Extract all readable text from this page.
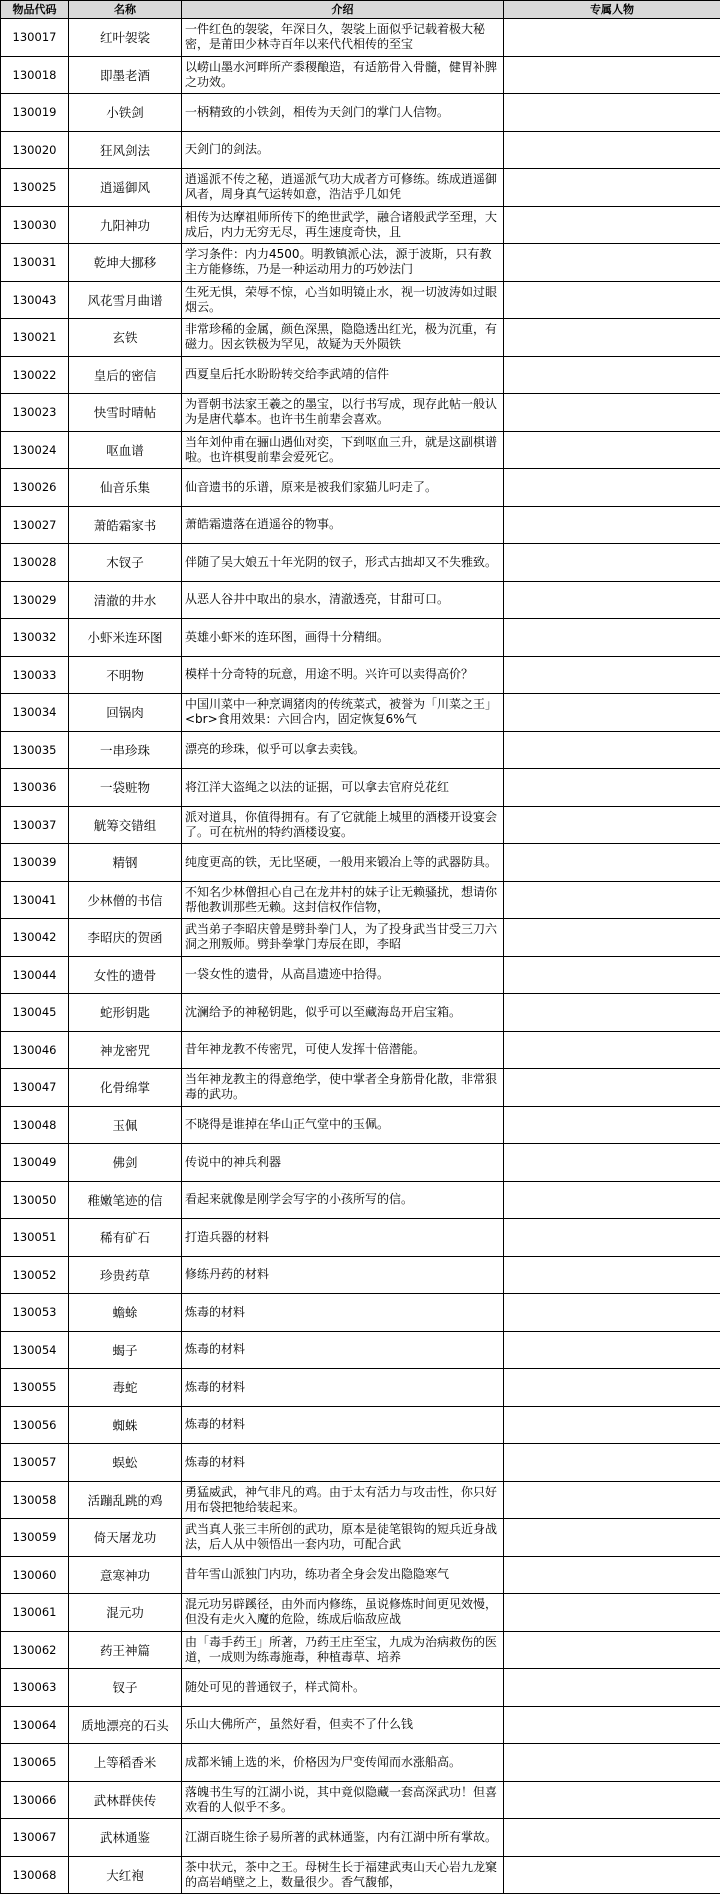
物品代码	名称	介绍	专属人物
130017	红叶袈裟	一件红色的袈裟，年深日久，袈裟上面似乎记载着极大秘密，是莆田少林寺百年以来代代相传的至宝	

130018	即墨老酒	以崂山墨水河畔所产黍稷酿造，有适筋骨入骨髓，健胃补脾之功效。	

130019	小铁剑	一柄精致的小铁剑，相传为天剑门的掌门人信物。	

130020	狂风剑法	天剑门的剑法。	

130025	逍遥御风	逍遥派不传之秘，逍遥派气功大成者方可修练。练成逍遥御风者，周身真气运转如意，浩洁乎几如凭	

130030	九阳神功	相传为达摩祖师所传下的绝世武学，融合诸般武学至理，大成后，内力无穷无尽，再生速度奇快，且	

130031	乾坤大挪移	学习条件：内力4500。明教镇派心法，源于波斯，只有教主方能修练，乃是一种运动用力的巧妙法门	

130043	风花雪月曲谱	生死无惧，荣辱不惊，心当如明镜止水，视一切波涛如过眼烟云。	

130021	玄铁	非常珍稀的金属，颜色深黑，隐隐透出红光，极为沉重，有磁力。因玄铁极为罕见，故疑为天外陨铁	

130022	皇后的密信	西夏皇后托水盼盼转交给李武靖的信件	

130023	快雪时晴帖	为晋朝书法家王羲之的墨宝，以行书写成，现存此帖一般认为是唐代摹本。也许书生前辈会喜欢。	

130024	呕血谱	当年刘仲甫在骊山遇仙对奕，下到呕血三升，就是这副棋谱啦。也许棋叟前辈会爱死它。	

130026	仙音乐集	仙音遗书的乐谱，原来是被我们家猫儿叼走了。	

130027	萧皓霜家书	萧皓霜遗落在逍遥谷的物事。	

130028	木钗子	伴随了吴大娘五十年光阴的钗子，形式古拙却又不失雅致。	

130029	清澈的井水	从恶人谷井中取出的泉水，清澈透亮，甘甜可口。	

130032	小虾米连环图	英雄小虾米的连环图，画得十分精细。	

130033	不明物	模样十分奇特的玩意，用途不明。兴许可以卖得高价？	

130034	回锅肉	中国川菜中一种烹调猪肉的传统菜式，被誉为「川菜之王」<br>食用效果：六回合内，固定恢复6%气	

130035	一串珍珠	漂亮的珍珠，似乎可以拿去卖钱。	

130036	一袋赃物	将江洋大盗绳之以法的证据，可以拿去官府兑花红	

130037	觥筹交错组	派对道具，你值得拥有。有了它就能上城里的酒楼开设宴会了。可在杭州的特约酒楼设宴。	

130039	精钢	纯度更高的铁，无比坚硬，一般用来锻冶上等的武器防具。	

130041	少林僧的书信	不知名少林僧担心自己在龙井村的妹子让无赖骚扰，想请你帮他教训那些无赖。这封信权作信物，	

130042	李昭庆的贺函	武当弟子李昭庆曾是劈卦拳门人，为了投身武当甘受三刀六洞之刑叛师。劈卦拳掌门寿辰在即，李昭	

130044	女性的遗骨	一袋女性的遗骨，从高昌遗迹中拾得。	

130045	蛇形钥匙	沈澜给予的神秘钥匙，似乎可以至藏海岛开启宝箱。	

130046	神龙密咒	昔年神龙教不传密咒，可使人发挥十倍潜能。	

130047	化骨绵掌	当年神龙教主的得意绝学，使中掌者全身筋骨化散，非常狠毒的武功。	

130048	玉佩	不晓得是谁掉在华山正气堂中的玉佩。	

130049	佛剑	传说中的神兵利器	

130050	稚嫩笔迹的信	看起来就像是刚学会写字的小孩所写的信。	

130051	稀有矿石	打造兵器的材料	

130052	珍贵药草	修练丹药的材料	

130053	蟾蜍	炼毒的材料	

130054	蝎子	炼毒的材料	

130055	毒蛇	炼毒的材料	

130056	蜘蛛	炼毒的材料	

130057	蜈蚣	炼毒的材料	

130058	活蹦乱跳的鸡	勇猛威武，神气非凡的鸡。由于太有活力与攻击性，你只好用布袋把牠给装起来。	

130059	倚天屠龙功	武当真人张三丰所创的武功，原本是徒笔银钩的短兵近身战法，后人从中领悟出一套内功，可配合武	

130060	意寒神功	昔年雪山派独门内功，练功者全身会发出隐隐寒气	

130061	混元功	混元功另辟蹊径，由外而内修练，虽说修炼时间更见效慢，但没有走火入魔的危险，练成后临敌应战	

130062	药王神篇	由「毒手药王」所著，乃药王庄至宝，九成为治病救伤的医道，一成则为练毒施毒，种植毒草、培养	

130063	钗子	随处可见的普通钗子，样式简朴。	

130064	质地漂亮的石头	乐山大佛所产，虽然好看，但卖不了什么钱	

130065	上等稻香米	成都米铺上选的米，价格因为尸变传闻而水涨船高。	

130066	武林群侠传	落魄书生写的江湖小说，其中竟似隐藏一套高深武功！但喜欢看的人似乎不多。	

130067	武林通鉴	江湖百晓生徐子易所著的武林通鉴，内有江湖中所有掌故。	

130068	大红袍	茶中状元，茶中之王。母树生长于福建武夷山天心岩九龙窠的高岩峭壁之上，数量很少。香气馥郁，	
